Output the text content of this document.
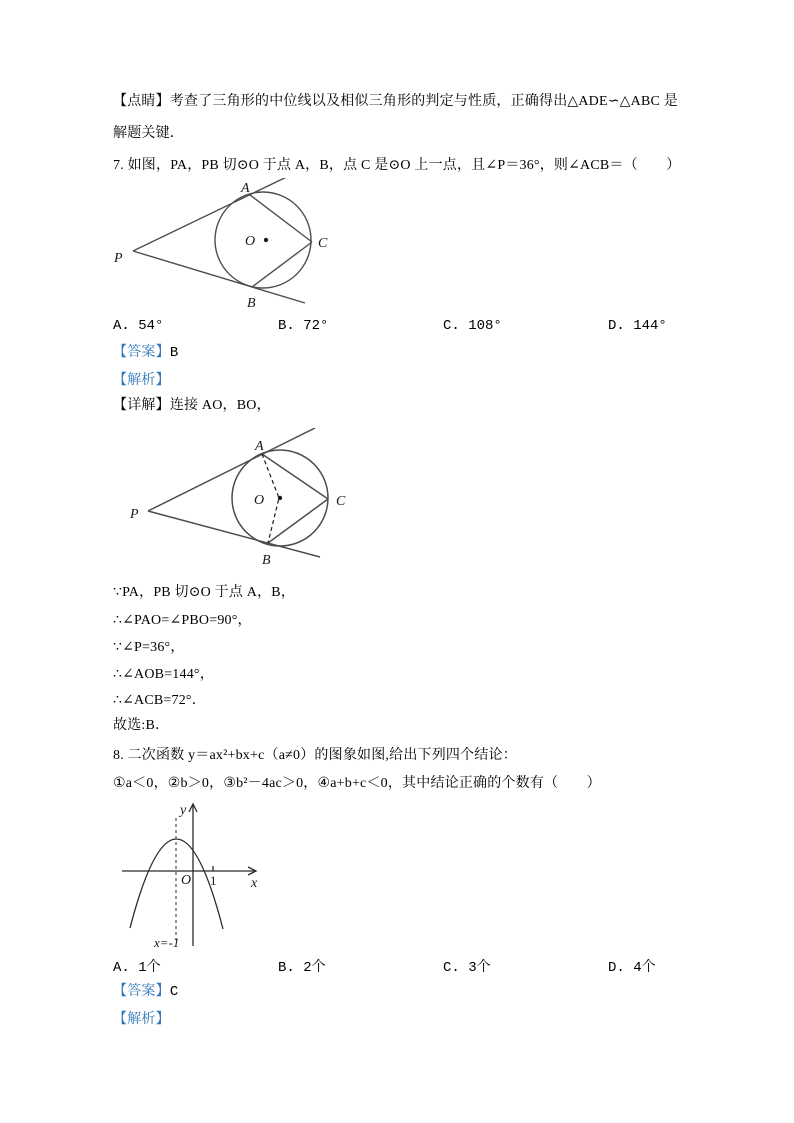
【点睛】考查了三角形的中位线以及相似三角形的判定与性质，正确得出△ADE∽△ABC 是
解题关键．
7. 如图，PA，PB 切⊙O 于点 A，B，点 C 是⊙O 上一点，且∠P＝36°，则∠ACB＝（　　）
P
A
B
C
O
A. 54°	B. 72°	C. 108°	D. 144°
【答案】B
【解析】
【详解】连接 AO，BO，
P
A
B
C
O
∵PA，PB 切⊙O 于点 A，B，
∴∠PAO=∠PBO=90°，
∵∠P=36°，
∴∠AOB=144°，
∴∠ACB=72°．
故选:B．
8. 二次函数 y＝ax²+bx+c（a≠0）的图象如图,给出下列四个结论：
①a＜0，②b＞0，③b²－4ac＞0，④a+b+c＜0，其中结论正确的个数有（　　）
y
x
O 1
x=-1
A. 1个	B. 2个	C. 3个	D. 4个
【答案】C
【解析】
